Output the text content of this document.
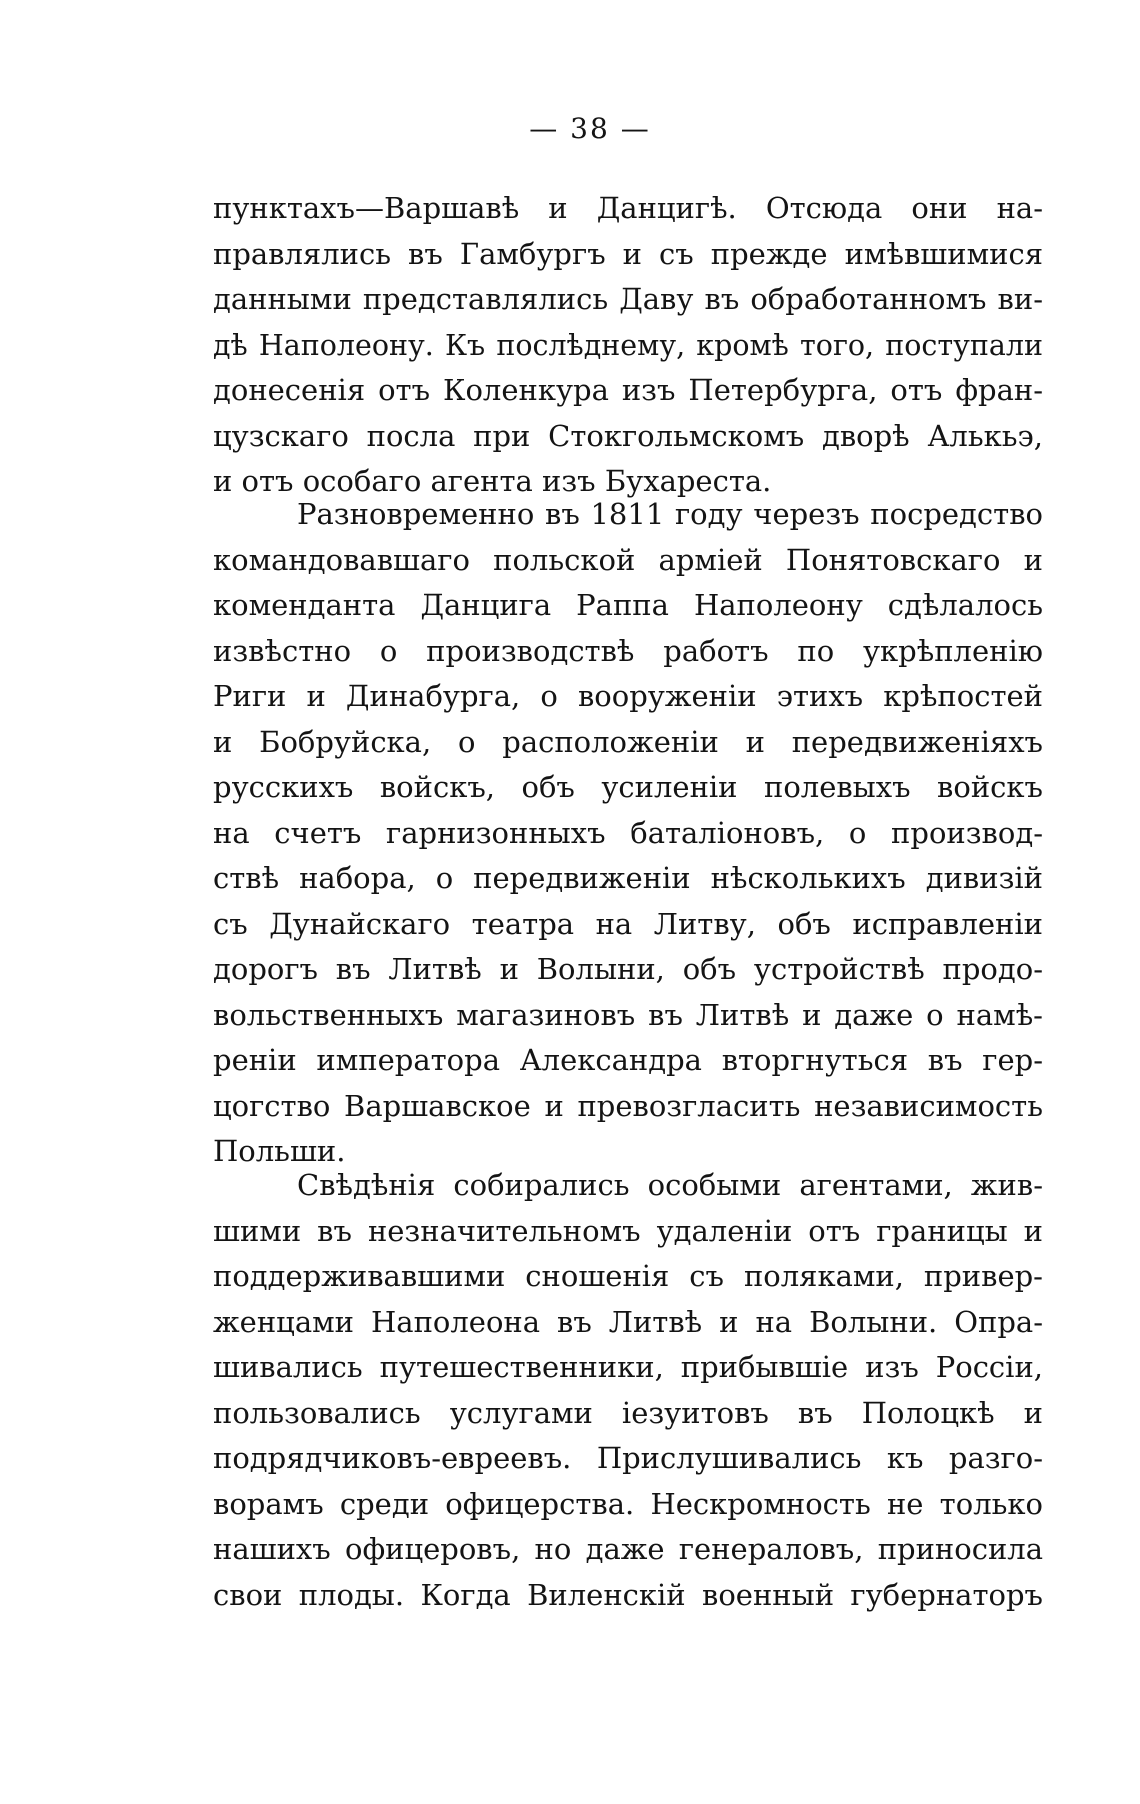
— 38 —
пунктахъ—Варшавѣ и Данцигѣ. Отсюда они на-
правлялись въ Гамбургъ и съ прежде имѣвшимися
данными представлялись Даву въ обработанномъ ви-
дѣ Наполеону. Къ послѣднему, кромѣ того, поступали
донесенія отъ Коленкура изъ Петербурга, отъ фран-
цузскаго посла при Стокгольмскомъ дворѣ Алькьэ,
и отъ особаго агента изъ Бухареста.
Разновременно въ 1811 году черезъ посредство
командовавшаго польской арміей Понятовскаго и
коменданта Данцига Раппа Наполеону сдѣлалось
извѣстно о производствѣ работъ по укрѣпленію
Риги и Динабурга, о вооруженіи этихъ крѣпостей
и Бобруйска, о расположеніи и передвиженіяхъ
русскихъ войскъ, объ усиленіи полевыхъ войскъ
на счетъ гарнизонныхъ баталіоновъ, о производ-
ствѣ набора, о передвиженіи нѣсколькихъ дивизій
съ Дунайскаго театра на Литву, объ исправленіи
дорогъ въ Литвѣ и Волыни, объ устройствѣ продо-
вольственныхъ магазиновъ въ Литвѣ и даже о намѣ-
реніи императора Александра вторгнуться въ гер-
цогство Варшавское и превозгласить независимость
Польши.
Свѣдѣнія собирались особыми агентами, жив-
шими въ незначительномъ удаленіи отъ границы и
поддерживавшими сношенія съ поляками, привер-
женцами Наполеона въ Литвѣ и на Волыни. Опра-
шивались путешественники, прибывшіе изъ Россіи,
пользовались услугами іезуитовъ въ Полоцкѣ и
подрядчиковъ-евреевъ. Прислушивались къ разго-
ворамъ среди офицерства. Нескромность не только
нашихъ офицеровъ, но даже генераловъ, приносила
свои плоды. Когда Виленскій военный губернаторъ
